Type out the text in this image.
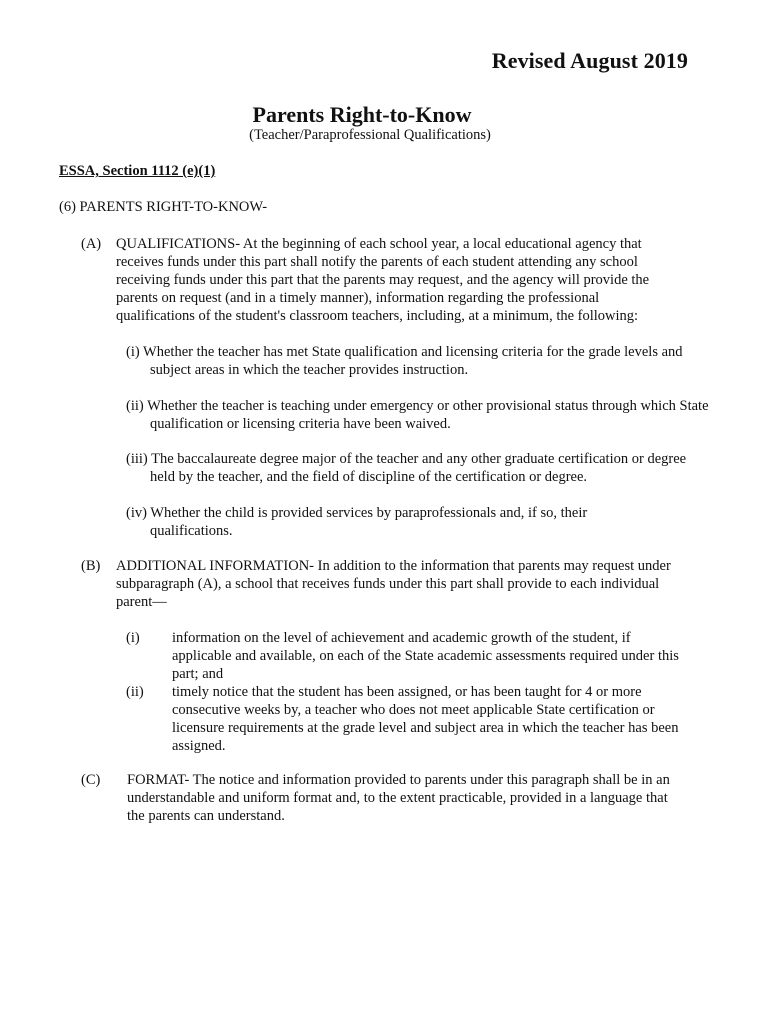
Revised August 2019
Parents Right-to-Know
(Teacher/Paraprofessional Qualifications)
ESSA, Section 1112 (e)(1)
(6) PARENTS RIGHT-TO-KNOW-
(A) QUALIFICATIONS- At the beginning of each school year, a local educational agency that receives funds under this part shall notify the parents of each student attending any school receiving funds under this part that the parents may request, and the agency will provide the parents on request (and in a timely manner), information regarding the professional qualifications of the student's classroom teachers, including, at a minimum, the following:
(i) Whether the teacher has met State qualification and licensing criteria for the grade levels and subject areas in which the teacher provides instruction.
(ii) Whether the teacher is teaching under emergency or other provisional status through which State qualification or licensing criteria have been waived.
(iii) The baccalaureate degree major of the teacher and any other graduate certification or degree held by the teacher, and the field of discipline of the certification or degree.
(iv) Whether the child is provided services by paraprofessionals and, if so, their qualifications.
(B) ADDITIONAL INFORMATION- In addition to the information that parents may request under subparagraph (A), a school that receives funds under this part shall provide to each individual parent—
(i) information on the level of achievement and academic growth of the student, if applicable and available, on each of the State academic assessments required under this part; and
(ii) timely notice that the student has been assigned, or has been taught for 4 or more consecutive weeks by, a teacher who does not meet applicable State certification or licensure requirements at the grade level and subject area in which the teacher has been assigned.
(C) FORMAT- The notice and information provided to parents under this paragraph shall be in an understandable and uniform format and, to the extent practicable, provided in a language that the parents can understand.
